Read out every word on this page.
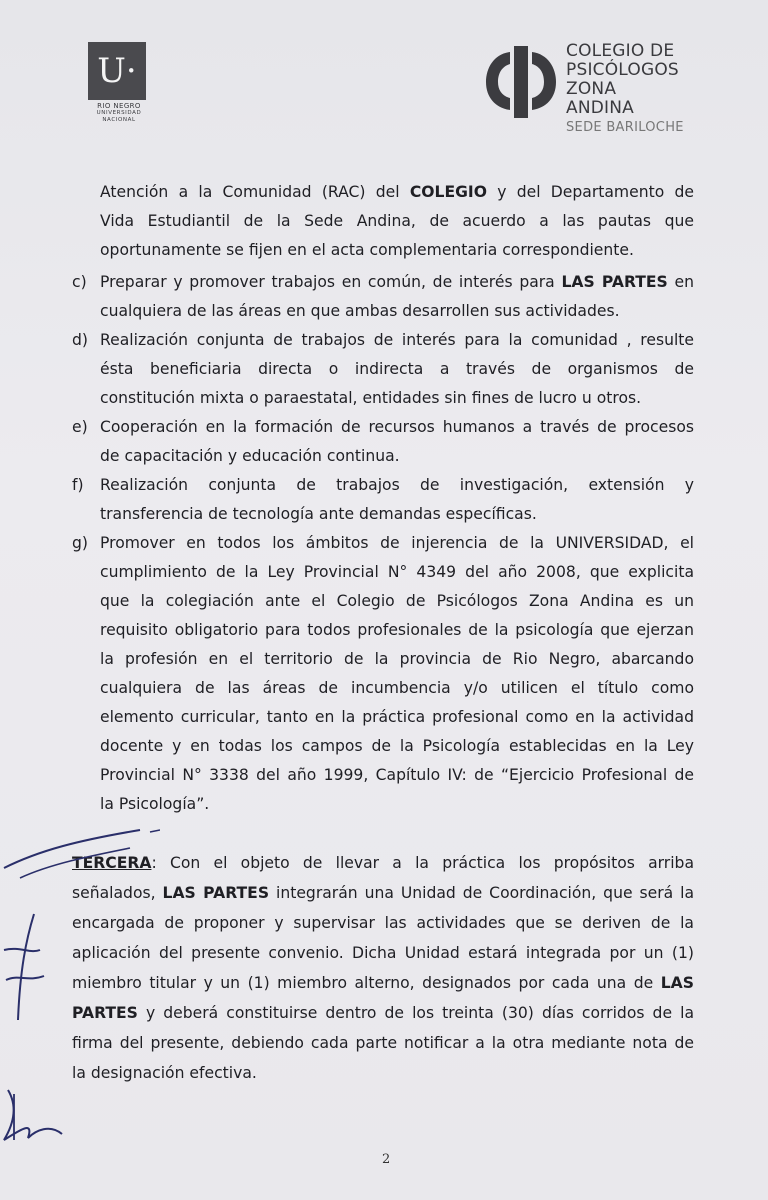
U·
RIO NEGRO
UNIVERSIDAD
NACIONAL
COLEGIO DE
PSICÓLOGOS
ZONA ANDINA
SEDE BARILOCHE
Atención a la Comunidad (RAC) del COLEGIO y del Departamento de
Vida Estudiantil de la Sede Andina, de acuerdo a las pautas que
oportunamente se fijen en el acta complementaria correspondiente.
c) Preparar y promover trabajos en común, de interés para LAS PARTES en
cualquiera de las áreas en que ambas desarrollen sus actividades.
d) Realización conjunta de trabajos de interés para la comunidad , resulte
ésta beneficiaria directa o indirecta a través de organismos de
constitución mixta o paraestatal, entidades sin fines de lucro u otros.
e) Cooperación en la formación de recursos humanos a través de procesos
de capacitación y educación continua.
f) Realización conjunta de trabajos de investigación, extensión y
transferencia de tecnología ante demandas específicas.
g) Promover en todos los ámbitos de injerencia de la UNIVERSIDAD, el
cumplimiento de la Ley Provincial N° 4349 del año 2008, que explicita
que la colegiación ante el Colegio de Psicólogos Zona Andina es un
requisito obligatorio para todos profesionales de la psicología que ejerzan
la profesión en el territorio de la provincia de Rio Negro, abarcando
cualquiera de las áreas de incumbencia y/o utilicen el título como
elemento curricular, tanto en la práctica profesional como en la actividad
docente y en todas los campos de la Psicología establecidas en la Ley
Provincial N° 3338 del año 1999, Capítulo IV: de “Ejercicio Profesional de
la Psicología”.
TERCERA: Con el objeto de llevar a la práctica los propósitos arriba
señalados, LAS PARTES integrarán una Unidad de Coordinación, que será la
encargada de proponer y supervisar las actividades que se deriven de la
aplicación del presente convenio. Dicha Unidad estará integrada por un (1)
miembro titular y un (1) miembro alterno, designados por cada una de LAS
PARTES y deberá constituirse dentro de los treinta (30) días corridos de la
firma del presente, debiendo cada parte notificar a la otra mediante nota de
la designación efectiva.
2
